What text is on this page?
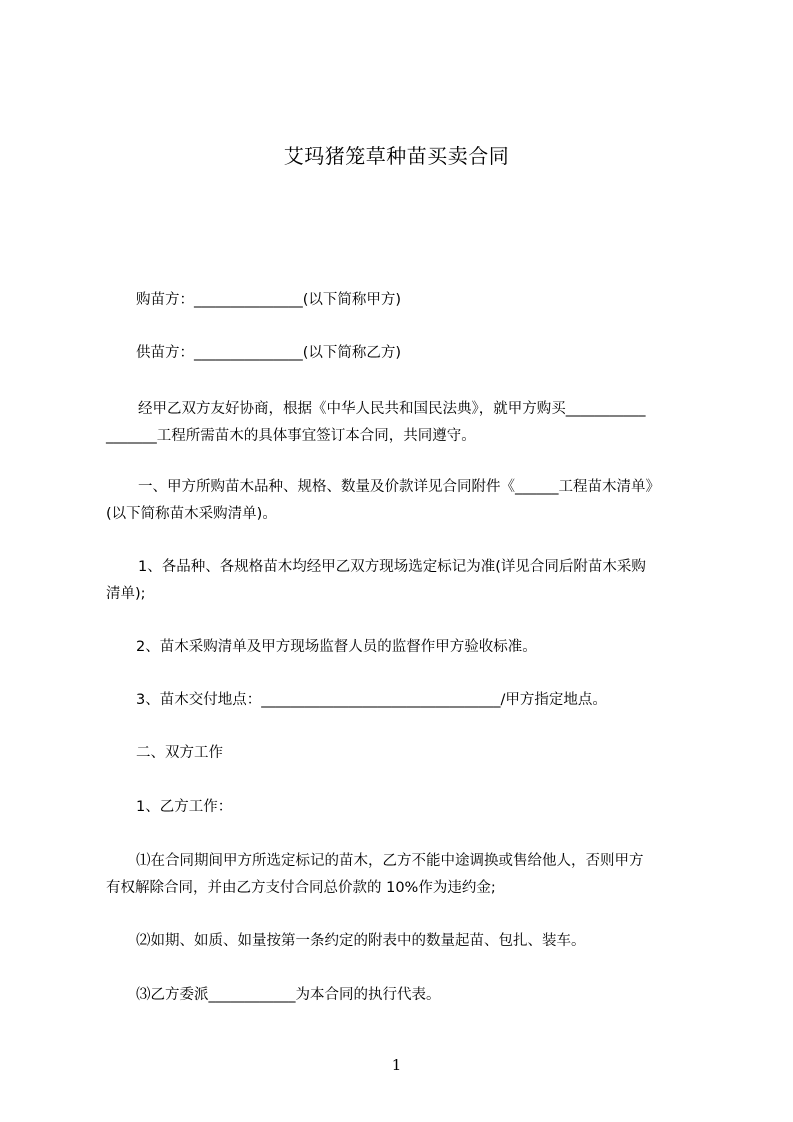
艾玛猪笼草种苗买卖合同
购苗方：_______________(以下简称甲方)
供苗方：_______________(以下简称乙方)
经甲乙双方友好协商，根据《中华人民共和国民法典》，就甲方购买___________
_______工程所需苗木的具体事宜签订本合同，共同遵守。
一、甲方所购苗木品种、规格、数量及价款详见合同附件《______工程苗木清单》
(以下简称苗木采购清单)。
1、各品种、各规格苗木均经甲乙双方现场选定标记为准(详见合同后附苗木采购
清单);
2、苗木采购清单及甲方现场监督人员的监督作甲方验收标准。
3、苗木交付地点：_________________________________/甲方指定地点。
二、双方工作
1、乙方工作：
⑴在合同期间甲方所选定标记的苗木，乙方不能中途调换或售给他人，否则甲方
有权解除合同，并由乙方支付合同总价款的 10%作为违约金;
⑵如期、如质、如量按第一条约定的附表中的数量起苗、包扎、装车。
⑶乙方委派____________为本合同的执行代表。
1
